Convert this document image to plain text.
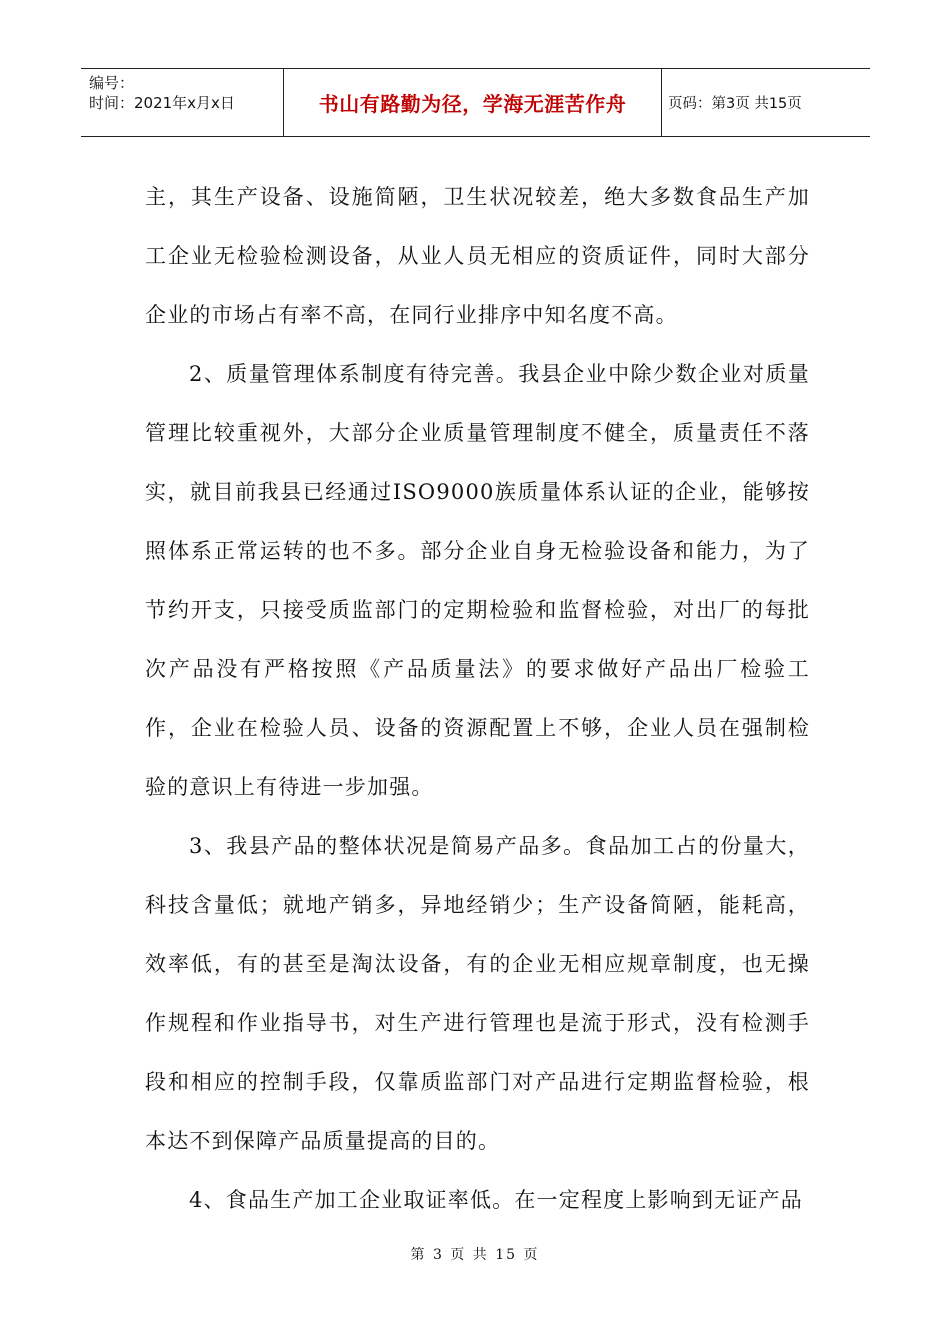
编号：
时间：2021年x月x日	书山有路勤为径，学海无涯苦作舟	页码：第3页 共15页

主，其生产设备、设施简陋，卫生状况较差，绝大多数食品生产加工企业无检验检测设备，从业人员无相应的资质证件，同时大部分企业的市场占有率不高，在同行业排序中知名度不高。

2、质量管理体系制度有待完善。我县企业中除少数企业对质量管理比较重视外，大部分企业质量管理制度不健全，质量责任不落实，就目前我县已经通过ISO9000族质量体系认证的企业，能够按照体系正常运转的也不多。部分企业自身无检验设备和能力，为了节约开支，只接受质监部门的定期检验和监督检验，对出厂的每批次产品没有严格按照《产品质量法》的要求做好产品出厂检验工作，企业在检验人员、设备的资源配置上不够，企业人员在强制检验的意识上有待进一步加强。

3、我县产品的整体状况是简易产品多。食品加工占的份量大，科技含量低；就地产销多，异地经销少；生产设备简陋，能耗高，效率低，有的甚至是淘汰设备，有的企业无相应规章制度，也无操作规程和作业指导书，对生产进行管理也是流于形式，没有检测手段和相应的控制手段，仅靠质监部门对产品进行定期监督检验，根本达不到保障产品质量提高的目的。

4、食品生产加工企业取证率低。在一定程度上影响到无证产品

第 3 页 共 15 页
